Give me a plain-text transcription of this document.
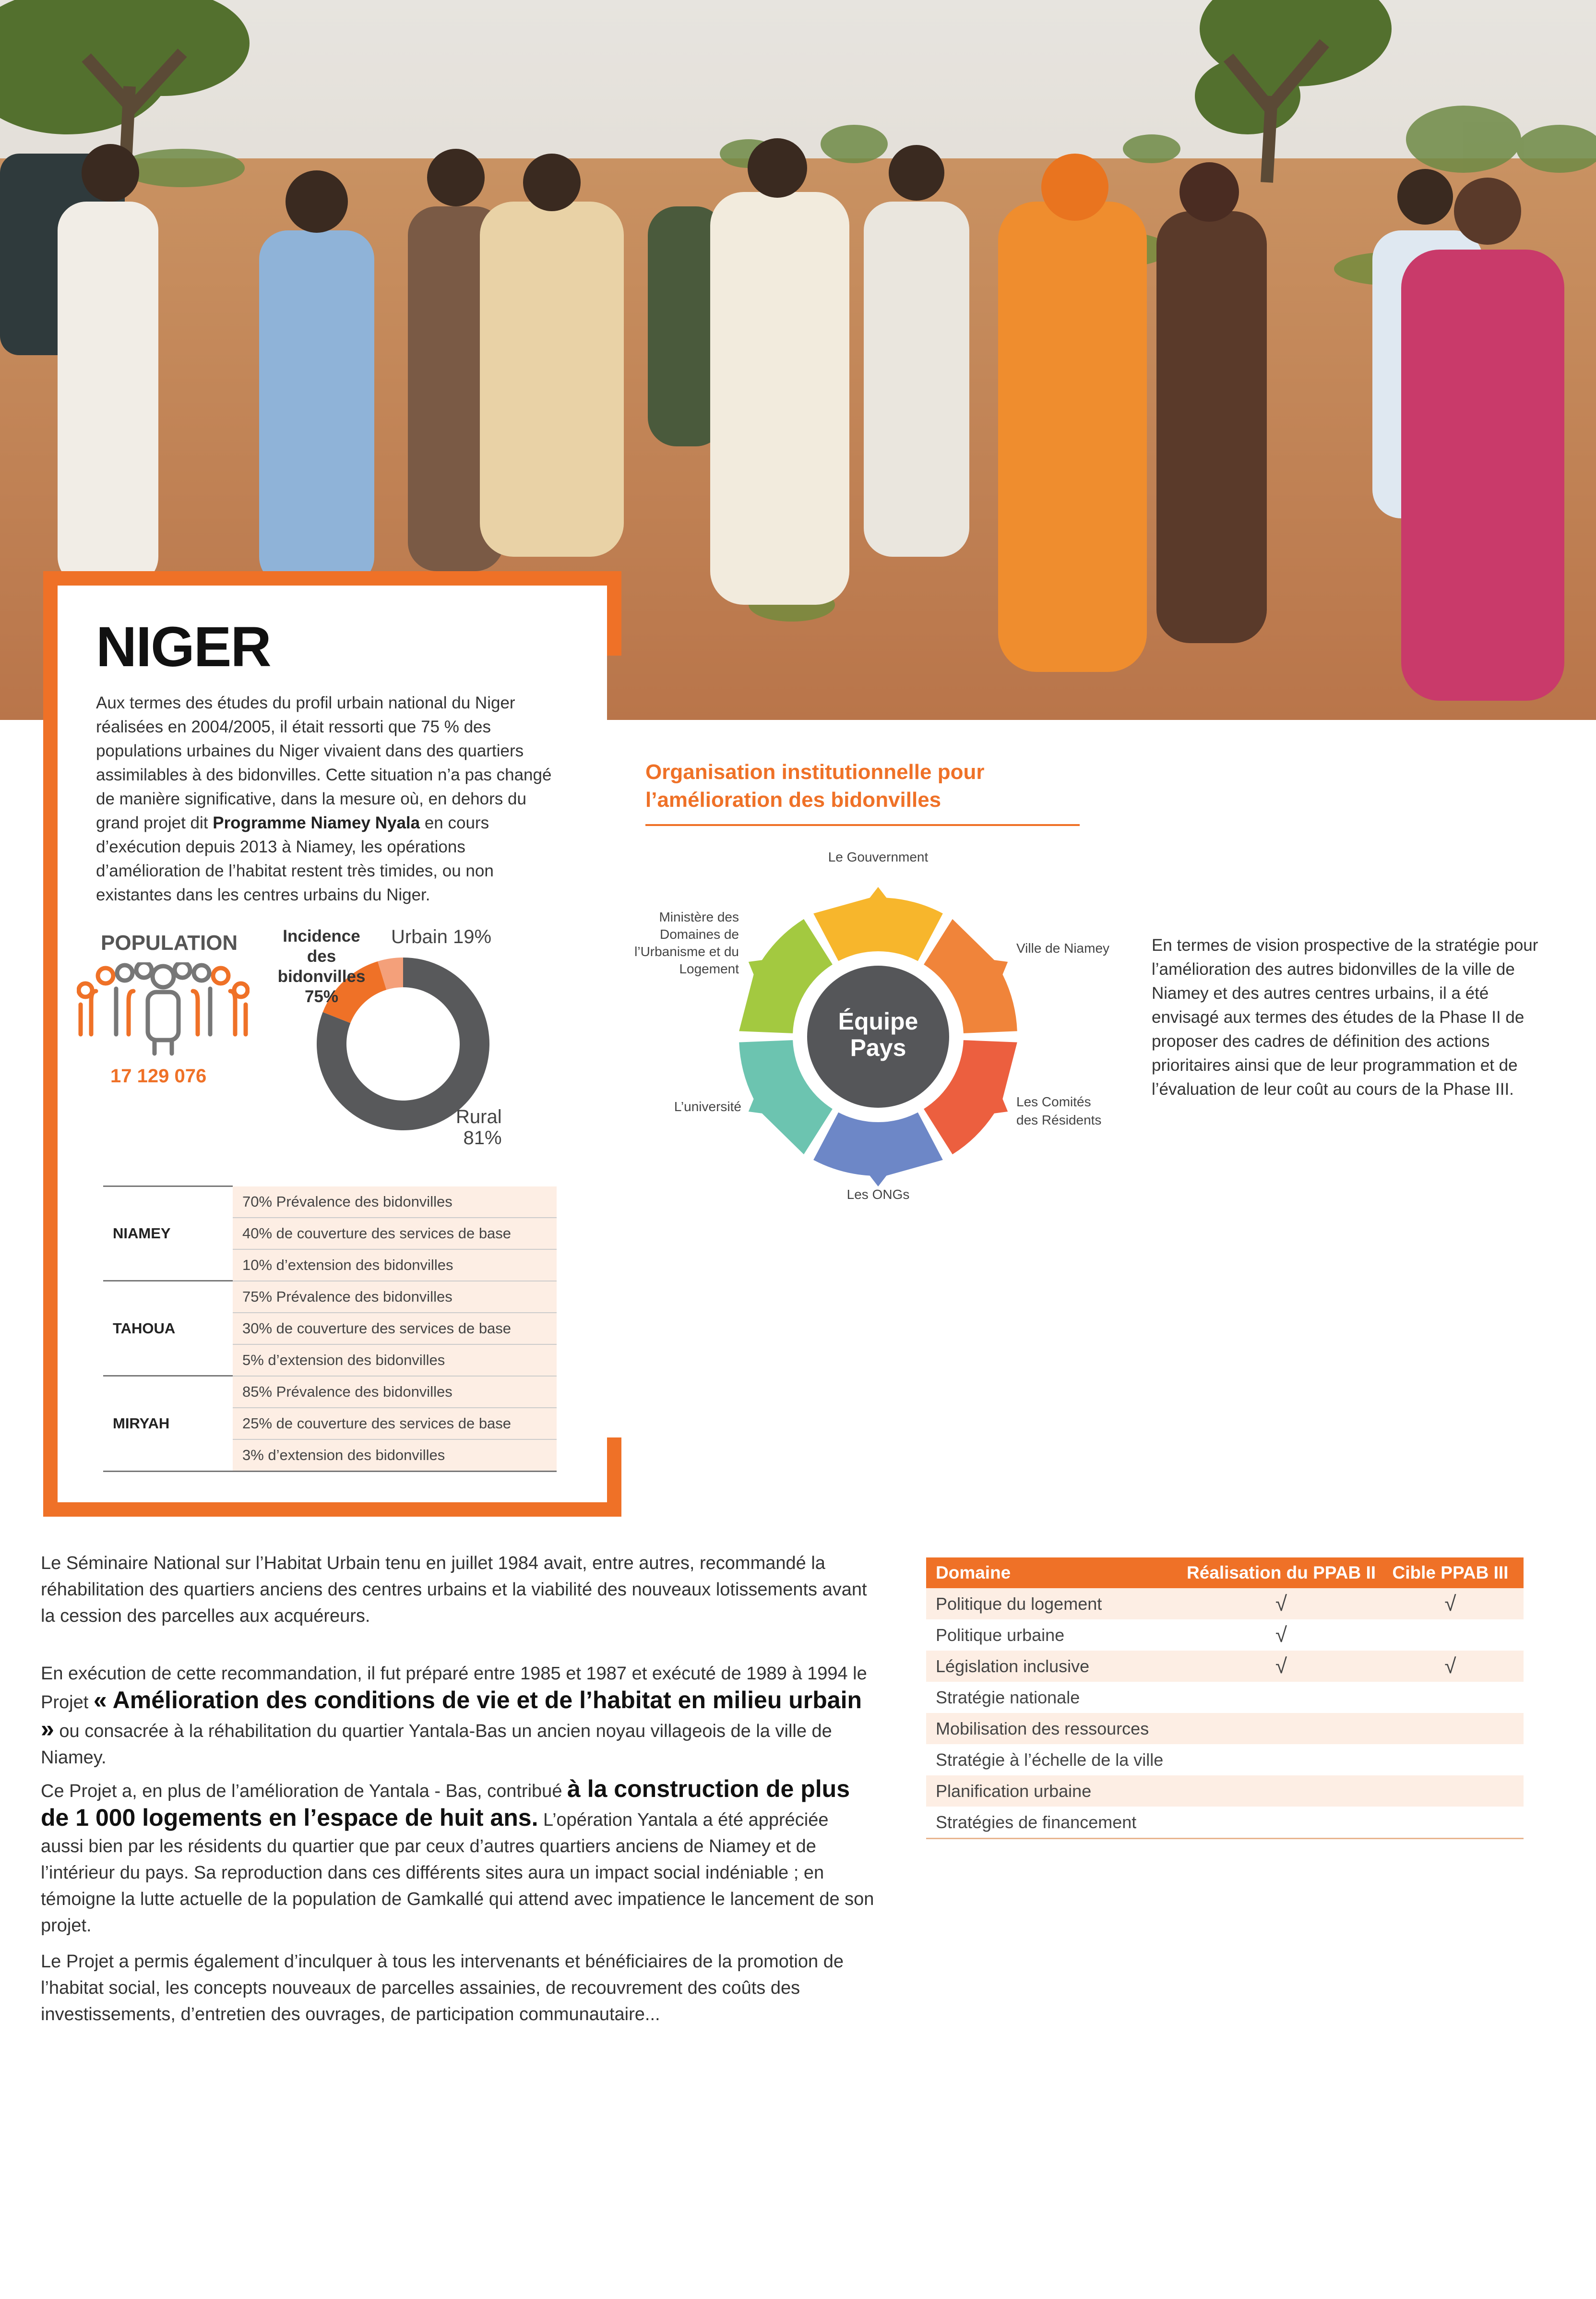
NIGER
Aux termes des études du profil urbain national du Niger réalisées en 2004/2005, il était ressorti que 75 % des populations urbaines du Niger vivaient dans des quartiers assimilables à des bidonvilles. Cette situation n’a pas changé de manière significative, dans la mesure où, en dehors du grand projet dit Programme Niamey Nyala en cours d’exécution depuis 2013 à Niamey, les opérations d’amélioration de l’habitat restent très timides, ou non existantes dans les centres urbains du Niger.
POPULATION
17 129 076
Incidence des bidonvilles
75%
Urbain 19%
Rural
81%
NIAMEY	70% Prévalence des bidonvilles
	40% de couverture des services de base
	10% d’extension des bidonvilles
TAHOUA	75% Prévalence des bidonvilles
	30% de couverture des services de base
	5% d’extension des bidonvilles
MIRYAH	85% Prévalence des bidonvilles
	25% de couverture des services de base
	3% d’extension des bidonvilles
Organisation institutionnelle pour
l’amélioration des bidonvilles
Équipe
Pays
Le Gouvernment
Ville de Niamey
Les Comités
des Résidents
Les ONGs
L’université
Ministère des
Domaines de
l’Urbanisme et du
Logement
En termes de vision prospective de la stratégie pour l’amélioration des autres bidonvilles de la ville de Niamey et des autres centres urbains, il a été envisagé aux termes des études de la Phase II de proposer des cadres de définition des actions prioritaires ainsi que de leur programmation et de l’évaluation de leur coût au cours de la Phase III.
Le Séminaire National sur l’Habitat Urbain tenu en juillet 1984 avait, entre autres, recommandé la réhabilitation des quartiers anciens des centres urbains et la viabilité des nouveaux lotissements avant la cession des parcelles aux acquéreurs.
En exécution de cette recommandation, il fut préparé entre 1985 et 1987 et exécuté de 1989 à 1994 le Projet « Amélioration des conditions de vie et de l’habitat en milieu urbain » ou consacrée à la réhabilitation du quartier Yantala-Bas un ancien noyau villageois de la ville de Niamey.
Ce Projet a, en plus de l’amélioration de Yantala - Bas, contribué à la construction de plus de 1 000 logements en l’espace de huit ans. L’opération Yantala a été appréciée aussi bien par les résidents du quartier que par ceux d’autres quartiers anciens de Niamey et de l’intérieur du pays. Sa reproduction dans ces différents sites aura un impact social indéniable ; en témoigne la lutte actuelle de la population de Gamkallé qui attend avec impatience le lancement de son projet.
Le Projet a permis également d’inculquer à tous les intervenants et bénéficiaires de la promotion de l’habitat social, les concepts nouveaux de parcelles assainies, de recouvrement des coûts des investissements, d’entretien des ouvrages, de participation communautaire...
Domaine	Réalisation du PPAB II	Cible PPAB III
Politique du logement	√	√
Politique urbaine	√	
Législation inclusive	√	√
Stratégie nationale		
Mobilisation des ressources		
Stratégie à l’échelle de la ville		
Planification urbaine		
Stratégies de financement		
